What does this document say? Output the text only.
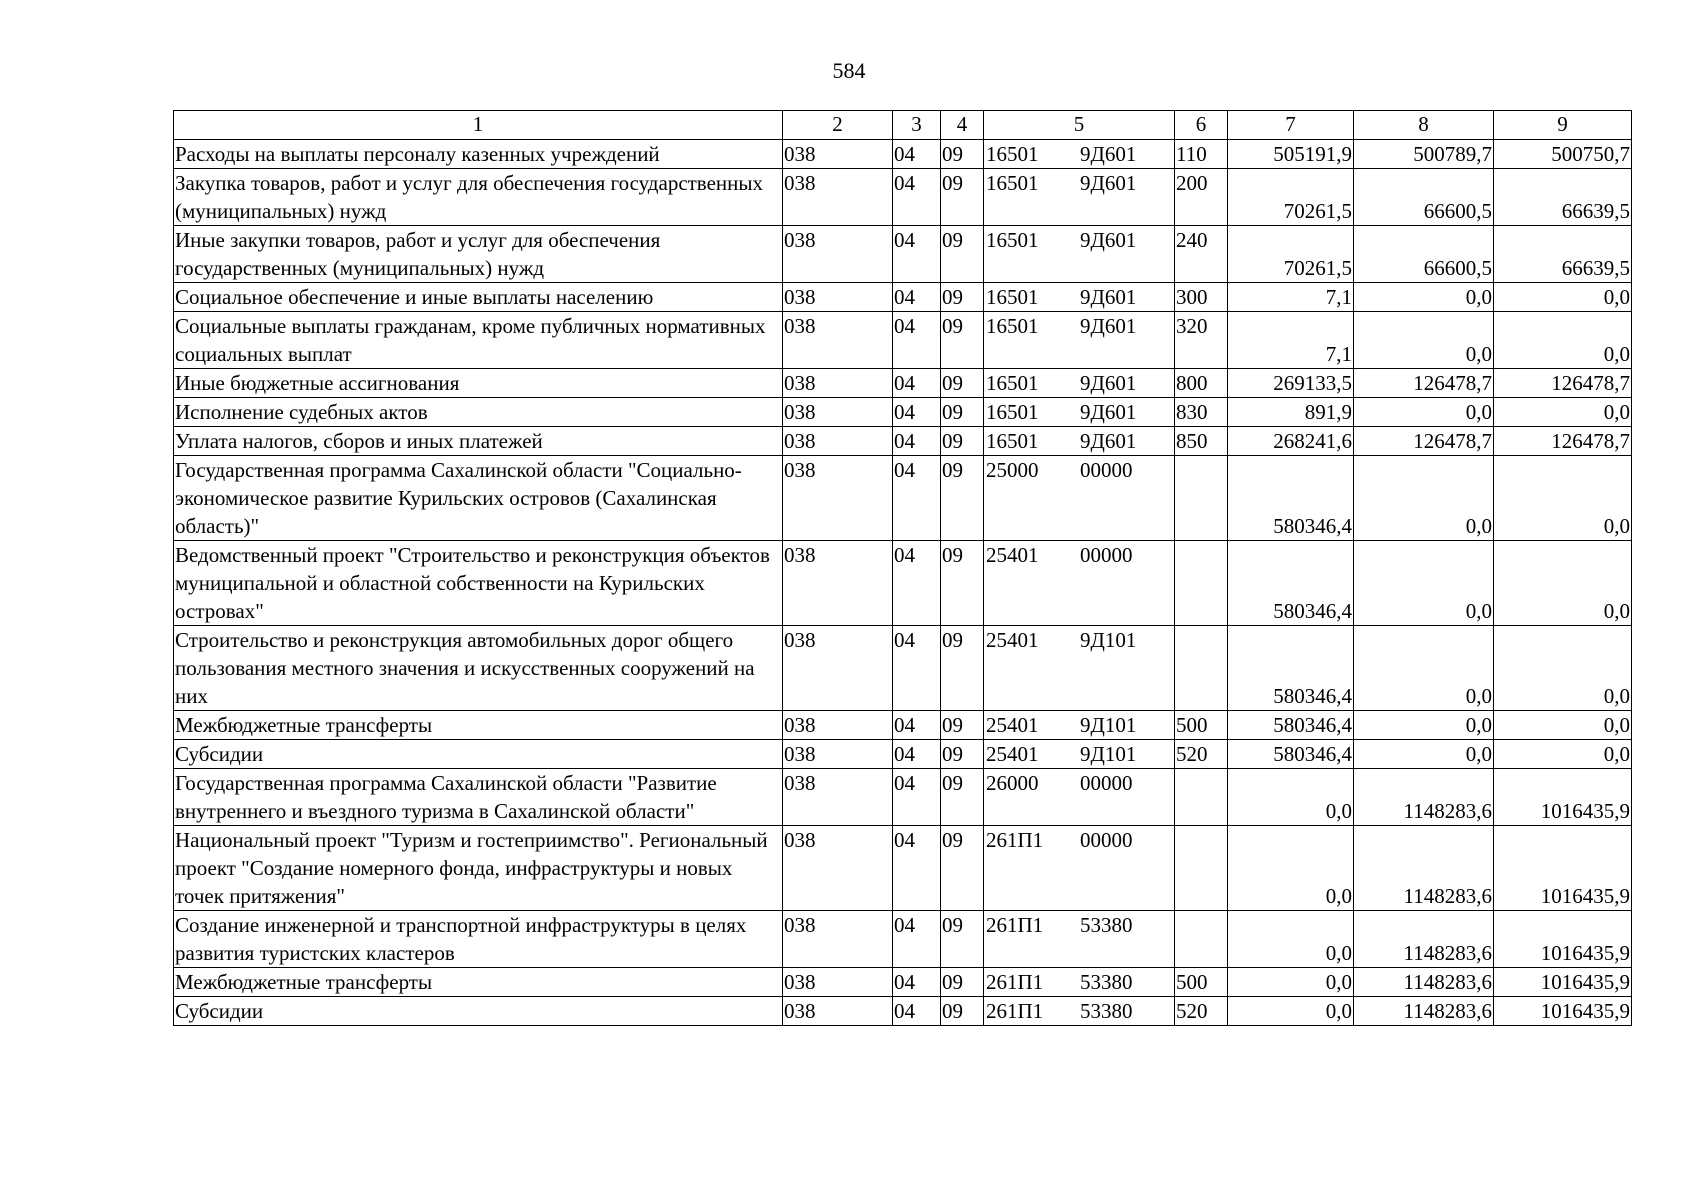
584
1	2	3	4	5	6	7	8	9
Расходы на выплаты персоналу казенных учреждений	038	04	09	16501 9Д601	110	505191,9	500789,7	500750,7
Закупка товаров, работ и услуг для обеспечения государственных (муниципальных) нужд	038	04	09	16501 9Д601	200	70261,5	66600,5	66639,5
Иные закупки товаров, работ и услуг для обеспечения государственных (муниципальных) нужд	038	04	09	16501 9Д601	240	70261,5	66600,5	66639,5
Социальное обеспечение и иные выплаты населению	038	04	09	16501 9Д601	300	7,1	0,0	0,0
Социальные выплаты гражданам, кроме публичных нормативных социальных выплат	038	04	09	16501 9Д601	320	7,1	0,0	0,0
Иные бюджетные ассигнования	038	04	09	16501 9Д601	800	269133,5	126478,7	126478,7
Исполнение судебных актов	038	04	09	16501 9Д601	830	891,9	0,0	0,0
Уплата налогов, сборов и иных платежей	038	04	09	16501 9Д601	850	268241,6	126478,7	126478,7
Государственная программа Сахалинской области "Социально-экономическое развитие Курильских островов (Сахалинская область)"	038	04	09	25000 00000		580346,4	0,0	0,0
Ведомственный проект "Строительство и реконструкция объектов муниципальной и областной собственности на Курильских островах"	038	04	09	25401 00000		580346,4	0,0	0,0
Строительство и реконструкция автомобильных дорог общего пользования местного значения и искусственных сооружений на них	038	04	09	25401 9Д101		580346,4	0,0	0,0
Межбюджетные трансферты	038	04	09	25401 9Д101	500	580346,4	0,0	0,0
Субсидии	038	04	09	25401 9Д101	520	580346,4	0,0	0,0
Государственная программа Сахалинской области "Развитие внутреннего и въездного туризма в Сахалинской области"	038	04	09	26000 00000		0,0	1148283,6	1016435,9
Национальный проект "Туризм и гостеприимство". Региональный проект "Создание номерного фонда, инфраструктуры и новых точек притяжения"	038	04	09	261П1 00000		0,0	1148283,6	1016435,9
Создание инженерной и транспортной инфраструктуры в целях развития туристских кластеров	038	04	09	261П1 53380		0,0	1148283,6	1016435,9
Межбюджетные трансферты	038	04	09	261П1 53380	500	0,0	1148283,6	1016435,9
Субсидии	038	04	09	261П1 53380	520	0,0	1148283,6	1016435,9
